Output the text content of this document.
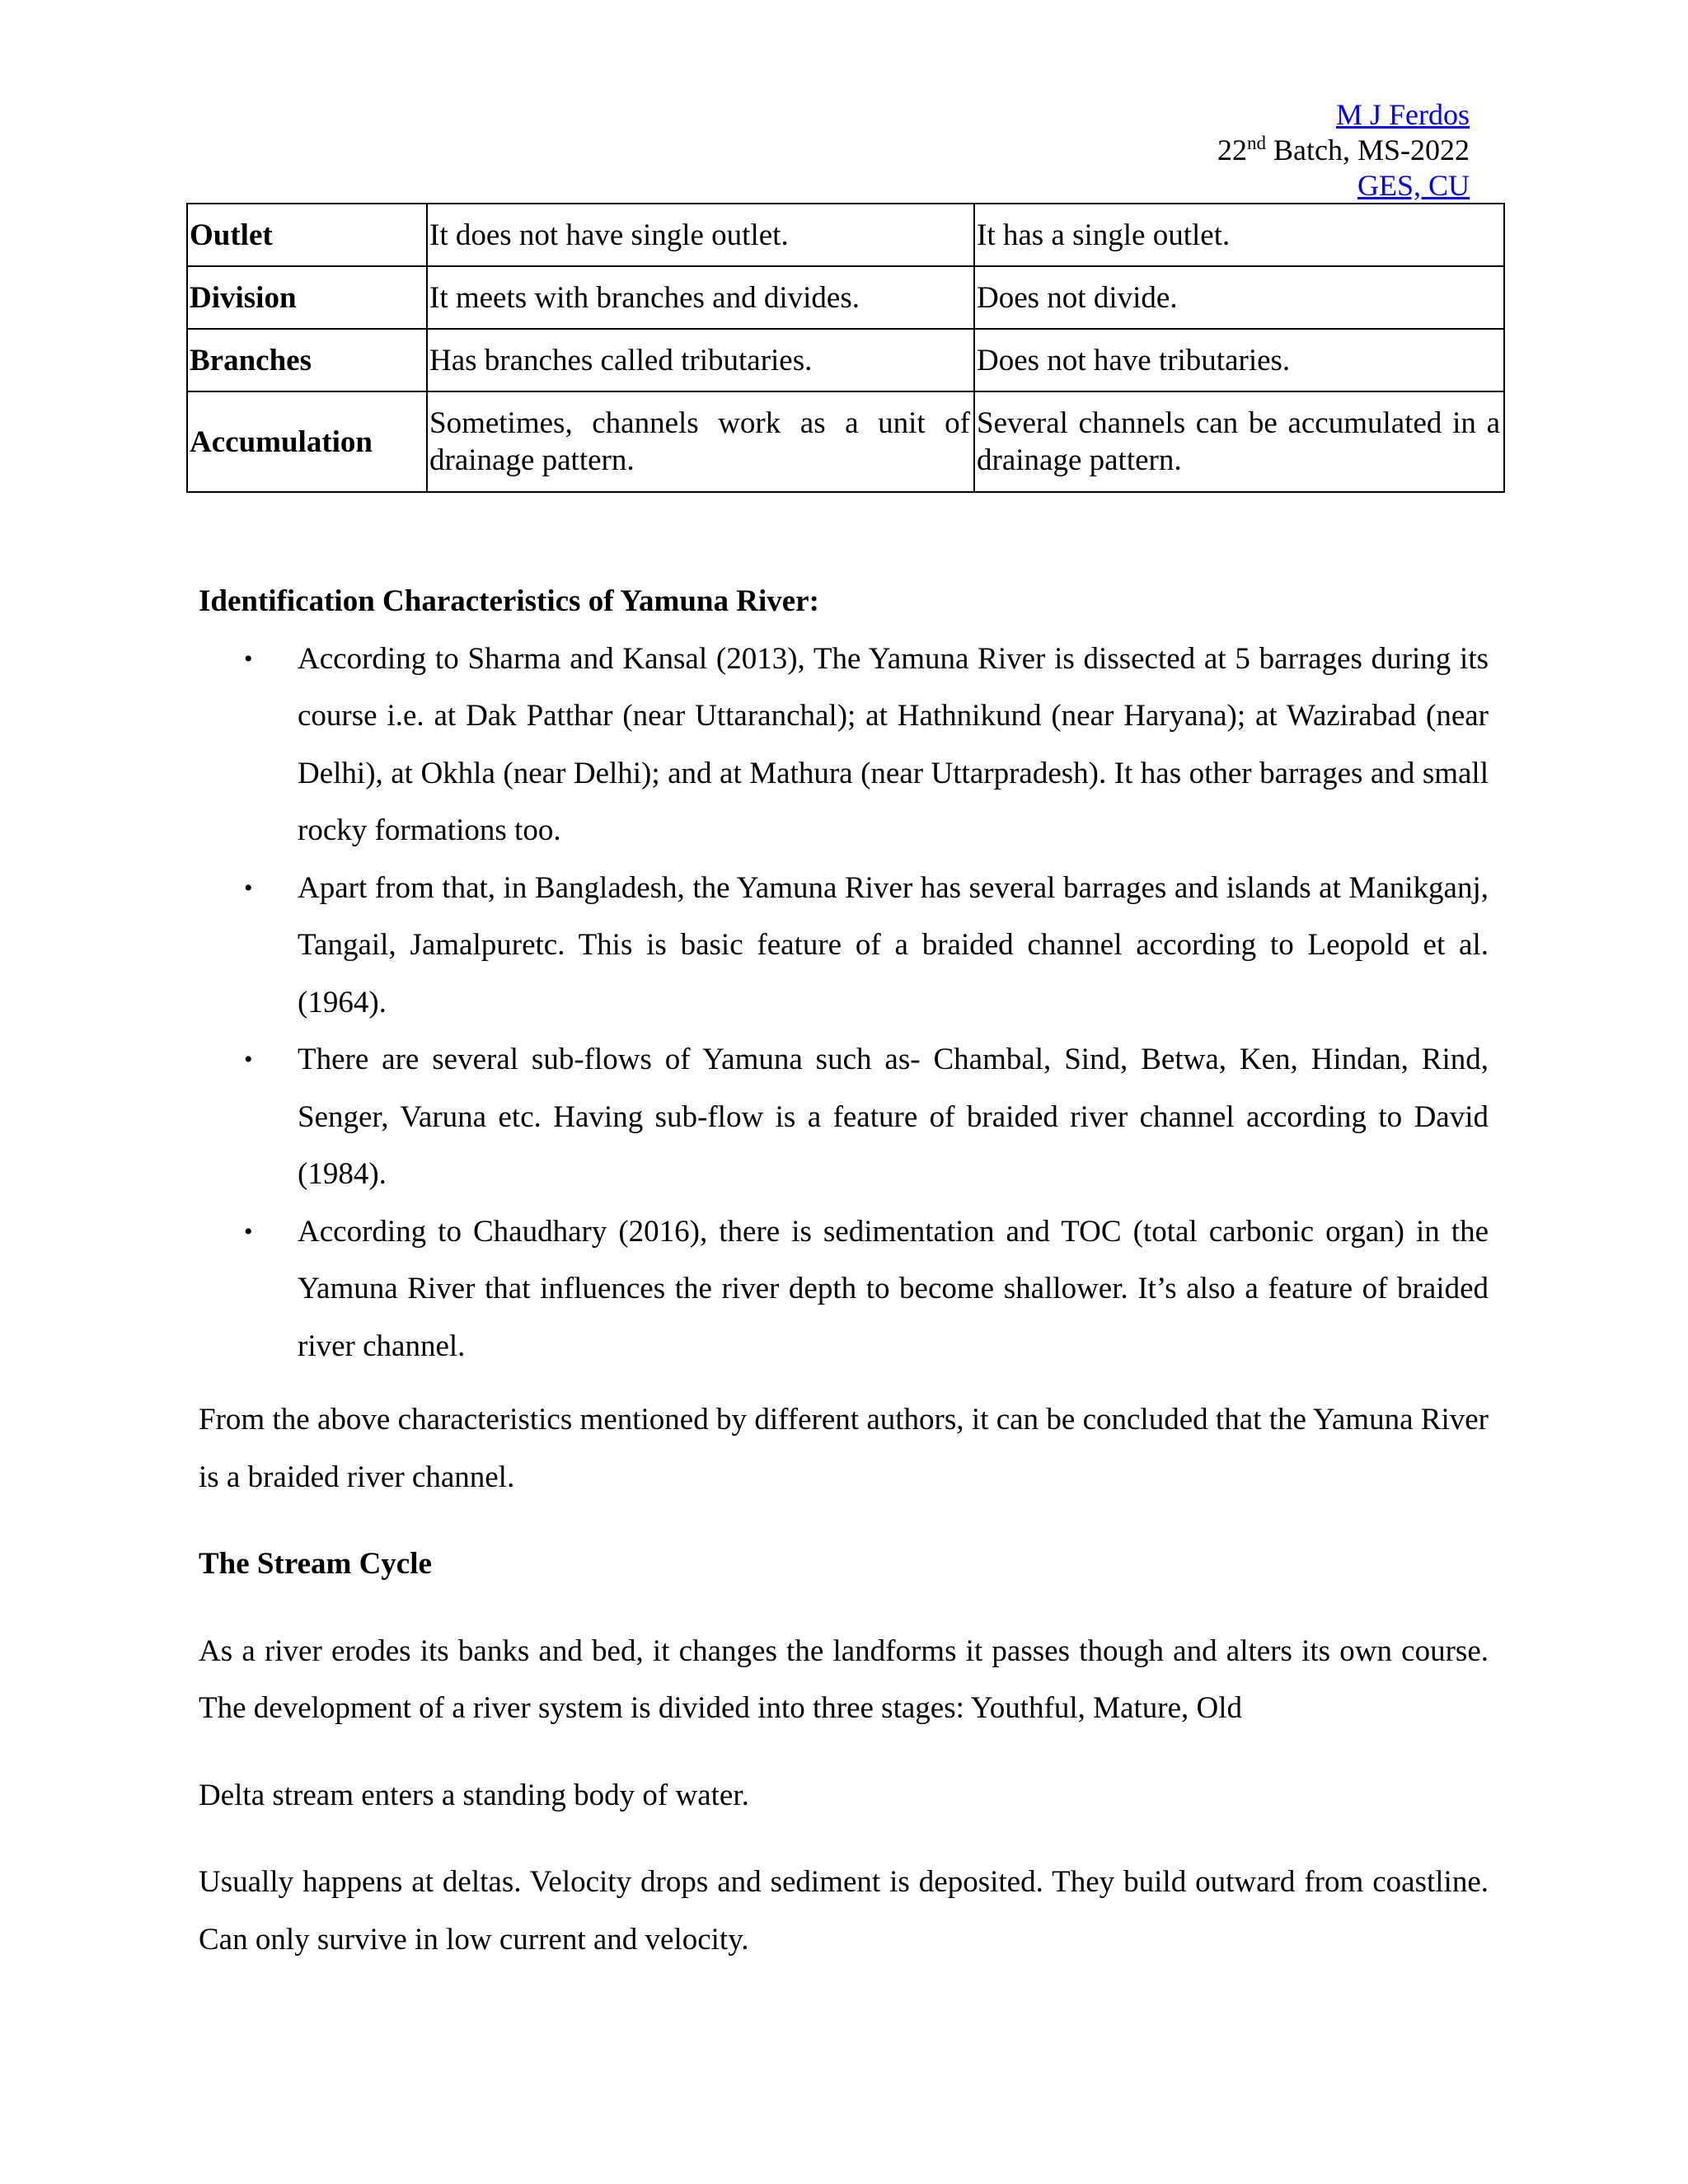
M J Ferdos
22nd Batch, MS-2022
GES, CU
Outlet	It does not have single outlet.	It has a single outlet.
Division	It meets with branches and divides.	Does not divide.
Branches	Has branches called tributaries.	Does not have tributaries.
Accumulation	Sometimes, channels work as a unit of drainage pattern.	Several channels can be accumulated in a drainage pattern.
Identification Characteristics of Yamuna River:
• According to Sharma and Kansal (2013), The Yamuna River is dissected at 5 barrages during its course i.e. at Dak Patthar (near Uttaranchal); at Hathnikund (near Haryana); at Wazirabad (near Delhi), at Okhla (near Delhi); and at Mathura (near Uttarpradesh). It has other barrages and small rocky formations too.
• Apart from that, in Bangladesh, the Yamuna River has several barrages and islands at Manikganj, Tangail, Jamalpuretc. This is basic feature of a braided channel according to Leopold et al. (1964).
• There are several sub-flows of Yamuna such as- Chambal, Sind, Betwa, Ken, Hindan, Rind, Senger, Varuna etc. Having sub-flow is a feature of braided river channel according to David (1984).
• According to Chaudhary (2016), there is sedimentation and TOC (total carbonic organ) in the Yamuna River that influences the river depth to become shallower. It’s also a feature of braided river channel.

From the above characteristics mentioned by different authors, it can be concluded that the Yamuna River is a braided river channel.

The Stream Cycle

As a river erodes its banks and bed, it changes the landforms it passes though and alters its own course. The development of a river system is divided into three stages: Youthful, Mature, Old

Delta stream enters a standing body of water.

Usually happens at deltas. Velocity drops and sediment is deposited. They build outward from coastline. Can only survive in low current and velocity.
